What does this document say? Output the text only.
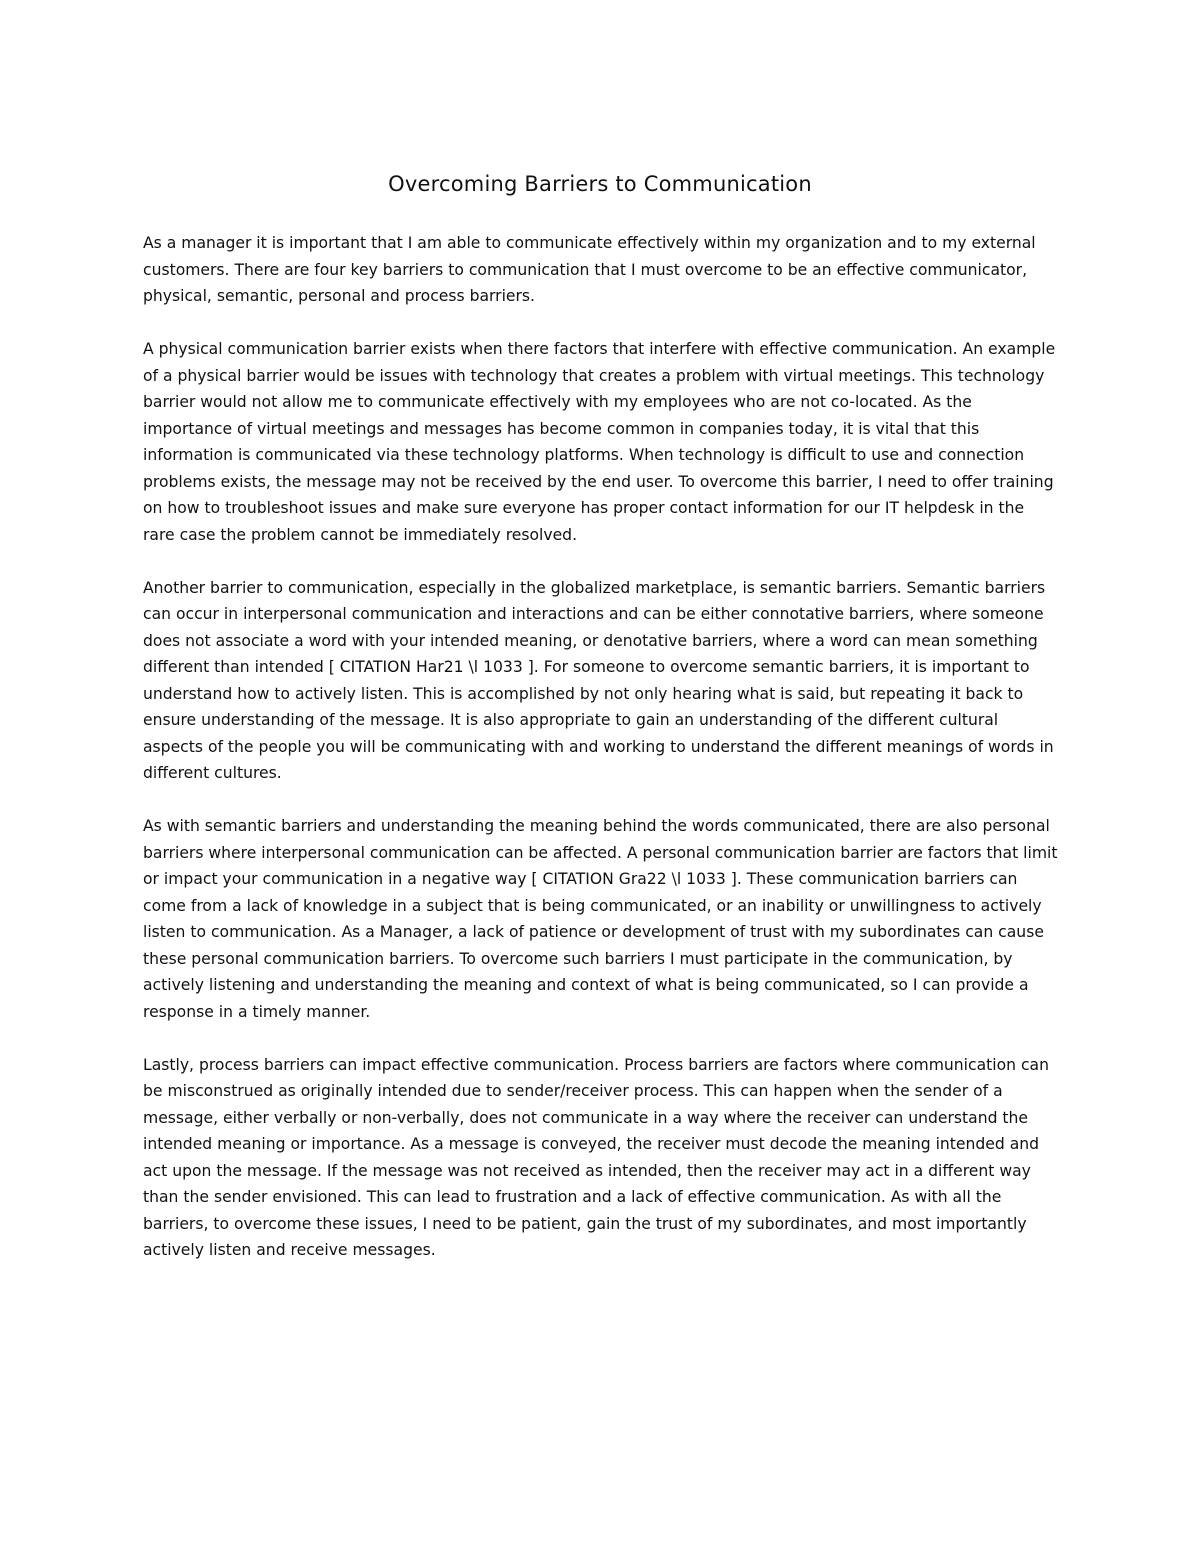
Overcoming Barriers to Communication

As a manager it is important that I am able to communicate effectively within my organization and to my external customers. There are four key barriers to communication that I must overcome to be an effective communicator, physical, semantic, personal and process barriers.

A physical communication barrier exists when there factors that interfere with effective communication. An example of a physical barrier would be issues with technology that creates a problem with virtual meetings. This technology barrier would not allow me to communicate effectively with my employees who are not co-located. As the importance of virtual meetings and messages has become common in companies today, it is vital that this information is communicated via these technology platforms. When technology is difficult to use and connection problems exists, the message may not be received by the end user. To overcome this barrier, I need to offer training on how to troubleshoot issues and make sure everyone has proper contact information for our IT helpdesk in the rare case the problem cannot be immediately resolved.

Another barrier to communication, especially in the globalized marketplace, is semantic barriers. Semantic barriers can occur in interpersonal communication and interactions and can be either connotative barriers, where someone does not associate a word with your intended meaning, or denotative barriers, where a word can mean something different than intended [ CITATION Har21 \l 1033 ]. For someone to overcome semantic barriers, it is important to understand how to actively listen. This is accomplished by not only hearing what is said, but repeating it back to ensure understanding of the message. It is also appropriate to gain an understanding of the different cultural aspects of the people you will be communicating with and working to understand the different meanings of words in different cultures.

As with semantic barriers and understanding the meaning behind the words communicated, there are also personal barriers where interpersonal communication can be affected. A personal communication barrier are factors that limit or impact your communication in a negative way [ CITATION Gra22 \l 1033 ]. These communication barriers can come from a lack of knowledge in a subject that is being communicated, or an inability or unwillingness to actively listen to communication. As a Manager, a lack of patience or development of trust with my subordinates can cause these personal communication barriers. To overcome such barriers I must participate in the communication, by actively listening and understanding the meaning and context of what is being communicated, so I can provide a response in a timely manner.

Lastly, process barriers can impact effective communication. Process barriers are factors where communication can be misconstrued as originally intended due to sender/receiver process. This can happen when the sender of a message, either verbally or non-verbally, does not communicate in a way where the receiver can understand the intended meaning or importance. As a message is conveyed, the receiver must decode the meaning intended and act upon the message. If the message was not received as intended, then the receiver may act in a different way than the sender envisioned. This can lead to frustration and a lack of effective communication. As with all the barriers, to overcome these issues, I need to be patient, gain the trust of my subordinates, and most importantly actively listen and receive messages.
